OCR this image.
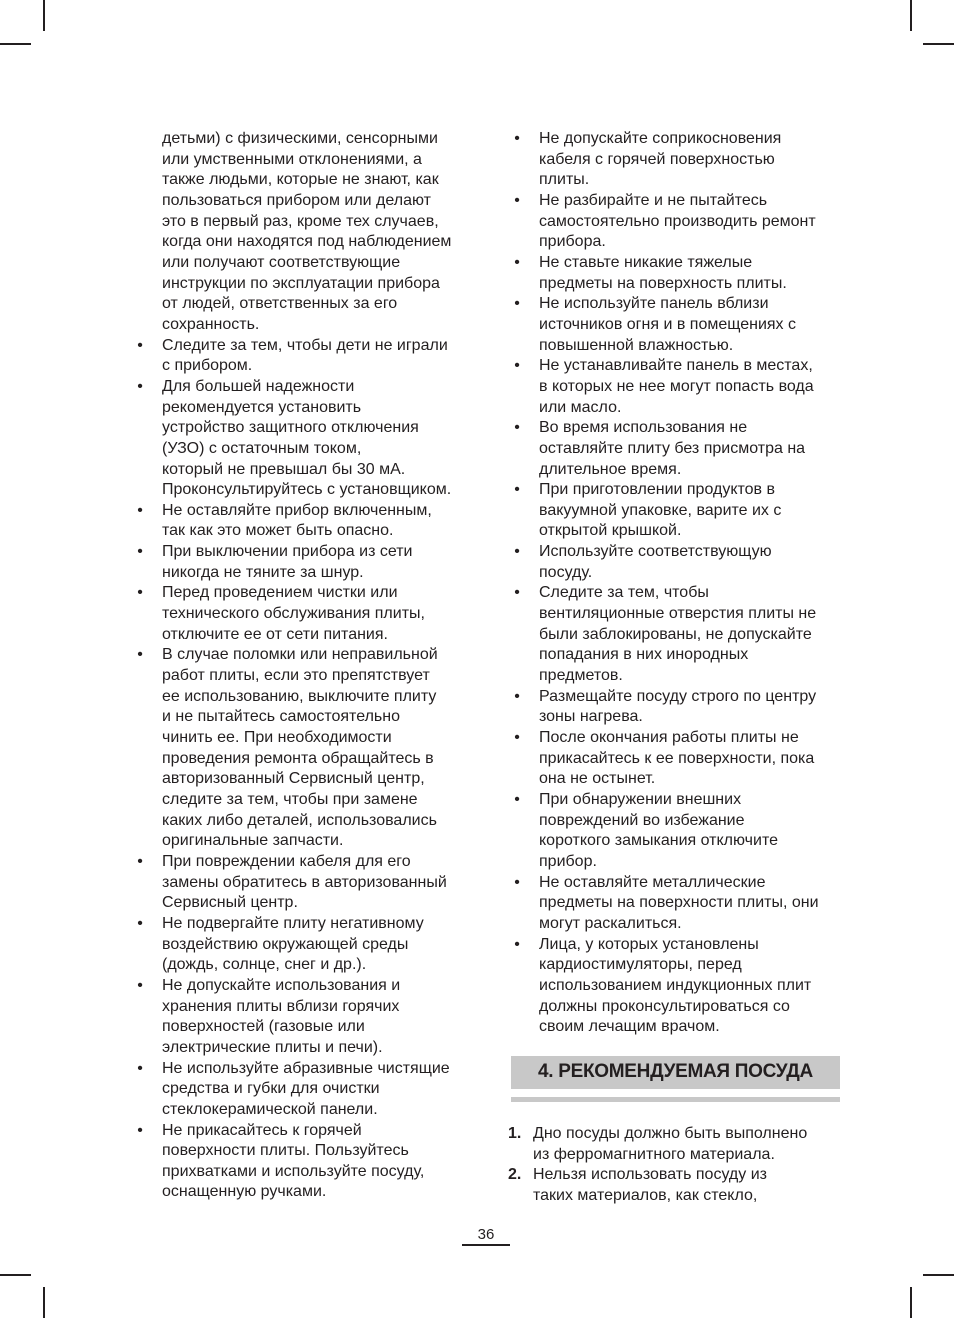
детьми) с физическими, сенсорными
или умственными отклонениями, а
также людьми, которые не знают, как
пользоваться прибором или делают
это в первый раз, кроме тех случаев,
когда они находятся под наблюдением
или получают соответствующие
инструкции по эксплуатации прибора
от людей, ответственных за его
сохранность.

• Следите за тем, чтобы дети не играли
с прибором.
• Для большей надежности
рекомендуется установить
устройство защитного отключения
(УЗО) с остаточным током,
который не превышал бы 30 мА.
Проконсультируйтесь с установщиком.
• Не оставляйте прибор включенным,
так как это может быть опасно.
• При выключении прибора из сети
никогда не тяните за шнур.
• Перед проведением чистки или
технического обслуживания плиты,
отключите ее от сети питания.
• В случае поломки или неправильной
работ плиты, если это препятствует
ее использованию, выключите плиту
и не пытайтесь самостоятельно
чинить ее. При необходимости
проведения ремонта обращайтесь в
авторизованный Сервисный центр,
следите за тем, чтобы при замене
каких либо деталей, использовались
оригинальные запчасти.
• При повреждении кабеля для его
замены обратитесь в авторизованный
Сервисный центр.
• Не подвергайте плиту негативному
воздействию окружающей среды
(дождь, солнце, снег и др.).
• Не допускайте использования и
хранения плиты вблизи горячих
поверхностей (газовые или
электрические плиты и печи).
• Не используйте абразивные чистящие
средства и губки для очистки
стеклокерамической панели.
• Не прикасайтесь к горячей
поверхности плиты. Пользуйтесь
прихватками и используйте посуду,
оснащенную ручками.
• Не допускайте соприкосновения
кабеля с горячей поверхностью
плиты.
• Не разбирайте и не пытайтесь
самостоятельно производить ремонт
прибора.
• Не ставьте никакие тяжелые
предметы на поверхность плиты.
• Не используйте панель вблизи
источников огня и в помещениях с
повышенной влажностью.
• Не устанавливайте панель в местах,
в которых не нее могут попасть вода
или масло.
• Во время использования не
оставляйте плиту без присмотра на
длительное время.
• При приготовлении продуктов в
вакуумной упаковке, варите их с
открытой крышкой.
• Используйте соответствующую
посуду.
• Следите за тем, чтобы
вентиляционные отверстия плиты не
были заблокированы, не допускайте
попадания в них инородных
предметов.
• Размещайте посуду строго по центру
зоны нагрева.
• После окончания работы плиты не
прикасайтесь к ее поверхности, пока
она не остынет.
• При обнаружении внешних
повреждений во избежание
короткого замыкания отключите
прибор.
• Не оставляйте металлические
предметы на поверхности плиты, они
могут раскалиться.
• Лица, у которых установлены
кардиостимуляторы, перед
использованием индукционных плит
должны проконсультироваться со
своим лечащим врачом.
4. РЕКОМЕНДУЕМАЯ ПОСУДА
1. Дно посуды должно быть выполнено
из ферромагнитного материала.
2. Нельзя использовать посуду из
таких материалов, как стекло,
36
